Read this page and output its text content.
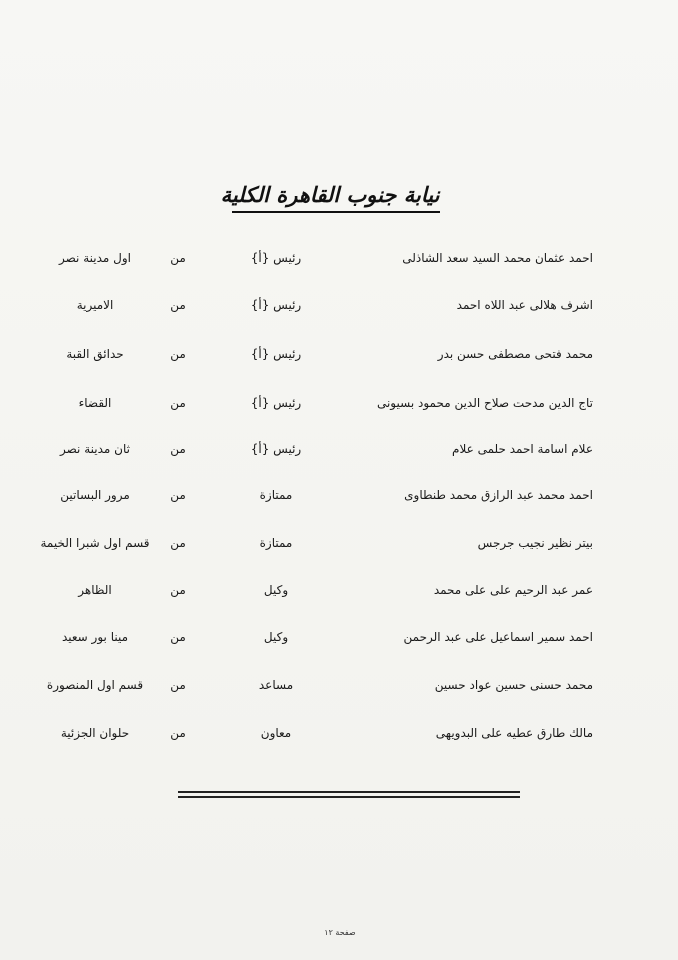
نيابة جنوب القاهرة الكلية
احمد عثمان محمد السيد سعد الشاذلى
رئيس {أ}
من
اول مدينة نصر
اشرف هلالى عبد اللاه احمد
رئيس {أ}
من
الاميرية
محمد فتحى مصطفى حسن بدر
رئيس {أ}
من
حدائق القبة
تاج الدين مدحت صلاح الدين محمود بسيونى
رئيس {أ}
من
القضاء
علام اسامة احمد حلمى علام
رئيس {أ}
من
ثان مدينة نصر
احمد محمد عبد الرازق محمد طنطاوى
ممتازة
من
مرور البساتين
بيتر نظير نجيب جرجس
ممتازة
من
قسم اول شبرا الخيمة
عمر عبد الرحيم على على محمد
وكيل
من
الظاهر
احمد سمير اسماعيل على عبد الرحمن
وكيل
من
مينا بور سعيد
محمد حسنى حسين عواد حسين
مساعد
من
قسم اول المنصورة
مالك طارق عطيه على البدويهى
معاون
من
حلوان الجزئية
صفحة ١٢
